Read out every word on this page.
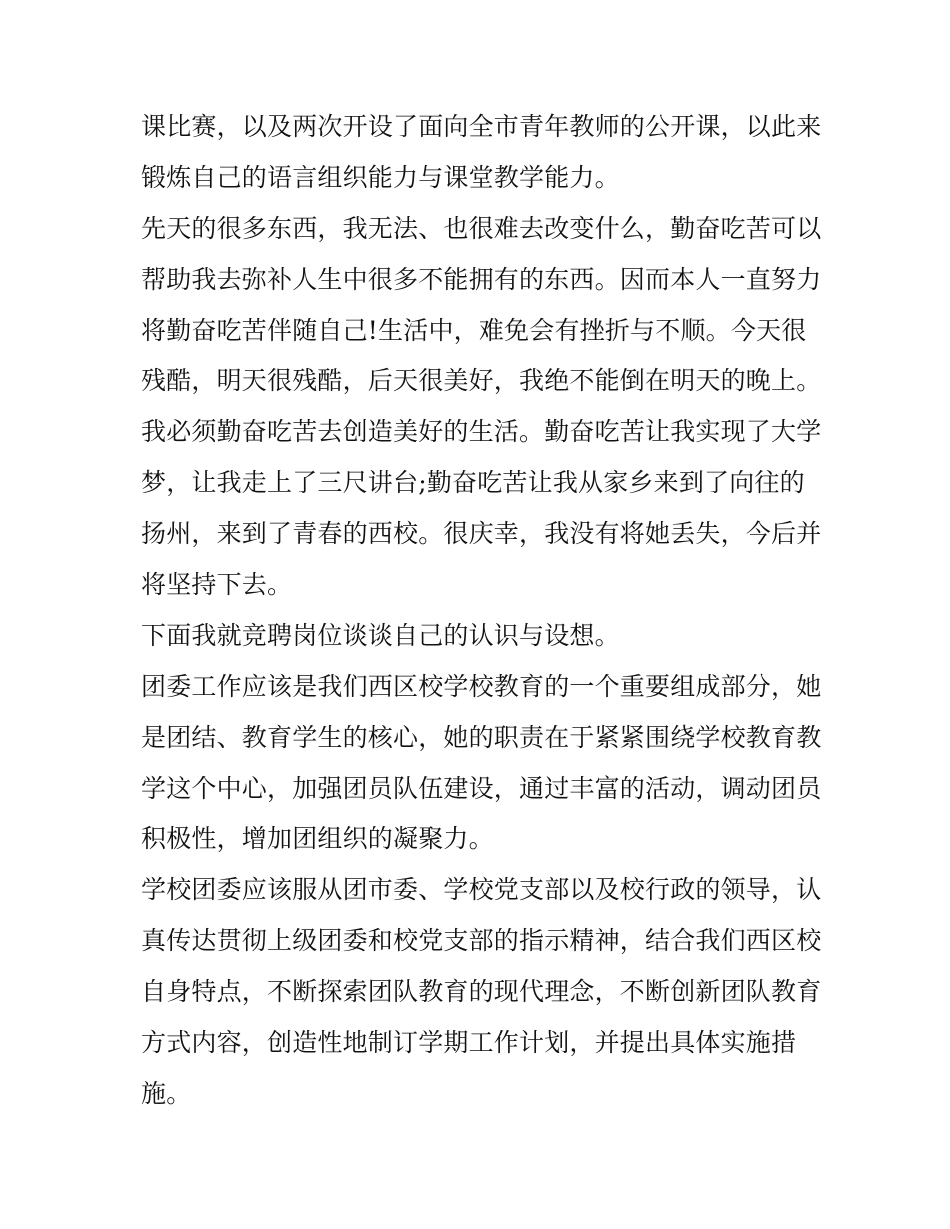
课比赛，以及两次开设了面向全市青年教师的公开课，以此来
锻炼自己的语言组织能力与课堂教学能力。
先天的很多东西，我无法、也很难去改变什么，勤奋吃苦可以
帮助我去弥补人生中很多不能拥有的东西。因而本人一直努力
将勤奋吃苦伴随自己!生活中，难免会有挫折与不顺。今天很
残酷，明天很残酷，后天很美好，我绝不能倒在明天的晚上。
我必须勤奋吃苦去创造美好的生活。勤奋吃苦让我实现了大学
梦，让我走上了三尺讲台;勤奋吃苦让我从家乡来到了向往的
扬州，来到了青春的西校。很庆幸，我没有将她丢失，今后并
将坚持下去。
下面我就竞聘岗位谈谈自己的认识与设想。
团委工作应该是我们西区校学校教育的一个重要组成部分，她
是团结、教育学生的核心，她的职责在于紧紧围绕学校教育教
学这个中心，加强团员队伍建设，通过丰富的活动，调动团员
积极性，增加团组织的凝聚力。
学校团委应该服从团市委、学校党支部以及校行政的领导，认
真传达贯彻上级团委和校党支部的指示精神，结合我们西区校
自身特点，不断探索团队教育的现代理念，不断创新团队教育
方式内容，创造性地制订学期工作计划，并提出具体实施措
施。
